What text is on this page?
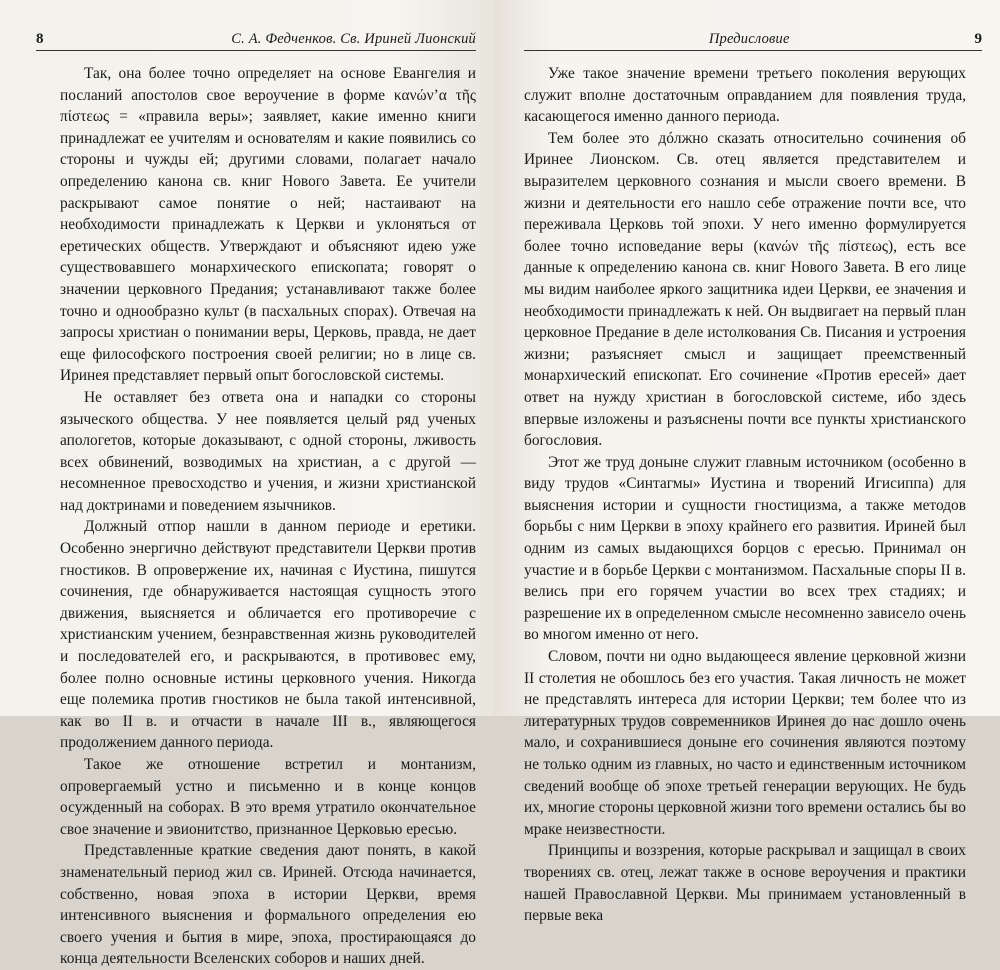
8	С. А. Федченков. Св. Ириней Лионский

Так, она более точно определяет на основе Евангелия и посланий апостолов свое вероучение в форме κανών’α τῆς πίστεως = «правила веры»; заявляет, какие именно книги принадлежат ее учителям и основателям и какие появились со стороны и чужды ей; другими словами, полагает начало определению канона св. книг Нового Завета. Ее учители раскрывают самое понятие о ней; настаивают на необходимости принадлежать к Церкви и уклоняться от еретических обществ. Утверждают и объясняют идею уже существовавшего монархического епископата; говорят о значении церковного Предания; устанавливают также более точно и однообразно культ (в пасхальных спорах). Отвечая на запросы христиан о понимании веры, Церковь, правда, не дает еще философского построения своей религии; но в лице св. Иринея представляет первый опыт богословской системы.

Не оставляет без ответа она и нападки со стороны языческого общества. У нее появляется целый ряд ученых апологетов, которые доказывают, с одной стороны, лживость всех обвинений, возводимых на христиан, а с другой — несомненное превосходство и учения, и жизни христианской над доктринами и поведением язычников.

Должный отпор нашли в данном периоде и еретики. Особенно энергично действуют представители Церкви против гностиков. В опровержение их, начиная с Иустина, пишутся сочинения, где обнаруживается настоящая сущность этого движения, выясняется и обличается его противоречие с христианским учением, безнравственная жизнь руководителей и последователей его, и раскрываются, в противовес ему, более полно основные истины церковного учения. Никогда еще полемика против гностиков не была такой интенсивной, как во II в. и отчасти в начале III в., являющегося продолжением данного периода.

Такое же отношение встретил и монтанизм, опровергаемый устно и письменно и в конце концов осужденный на соборах. В это время утратило окончательное свое значение и эвионитство, признанное Церковью ересью.

Представленные краткие сведения дают понять, в какой знаменательный период жил св. Ириней. Отсюда начинается, собственно, новая эпоха в истории Церкви, время интенсивного выяснения и формального определения ею своего учения и бытия в мире, эпоха, простирающаяся до конца деятельности Вселенских соборов и наших дней.

Предисловие	9

Уже такое значение времени третьего поколения верующих служит вполне достаточным оправданием для появления труда, касающегося именно данного периода.

Тем более это дóлжно сказать относительно сочинения об Иринее Лионском. Св. отец является представителем и выразителем церковного сознания и мысли своего времени. В жизни и деятельности его нашло себе отражение почти все, что переживала Церковь той эпохи. У него именно формулируется более точно исповедание веры (κανών τῆς πίστεως), есть все данные к определению канона св. книг Нового Завета. В его лице мы видим наиболее яркого защитника идеи Церкви, ее значения и необходимости принадлежать к ней. Он выдвигает на первый план церковное Предание в деле истолкования Св. Писания и устроения жизни; разъясняет смысл и защищает преемственный монархический епископат. Его сочинение «Против ересей» дает ответ на нужду христиан в богословской системе, ибо здесь впервые изложены и разъяснены почти все пункты христианского богословия.

Этот же труд доныне служит главным источником (особенно в виду трудов «Синтагмы» Иустина и творений Игисиппа) для выяснения истории и сущности гностицизма, а также методов борьбы с ним Церкви в эпоху крайнего его развития. Ириней был одним из самых выдающихся борцов с ересью. Принимал он участие и в борьбе Церкви с монтанизмом. Пасхальные споры II в. велись при его горячем участии во всех трех стадиях; и разрешение их в определенном смысле несомненно зависело очень во многом именно от него.

Словом, почти ни одно выдающееся явление церковной жизни II столетия не обошлось без его участия. Такая личность не может не представлять интереса для истории Церкви; тем более что из литературных трудов современников Иринея до нас дошло очень мало, и сохранившиеся доныне его сочинения являются поэтому не только одним из главных, но часто и единственным источником сведений вообще об эпохе третьей генерации верующих. Не будь их, многие стороны церковной жизни того времени остались бы во мраке неизвестности.

Принципы и воззрения, которые раскрывал и защищал в своих творениях св. отец, лежат также в основе вероучения и практики нашей Православной Церкви. Мы принимаем установленный в первые века
